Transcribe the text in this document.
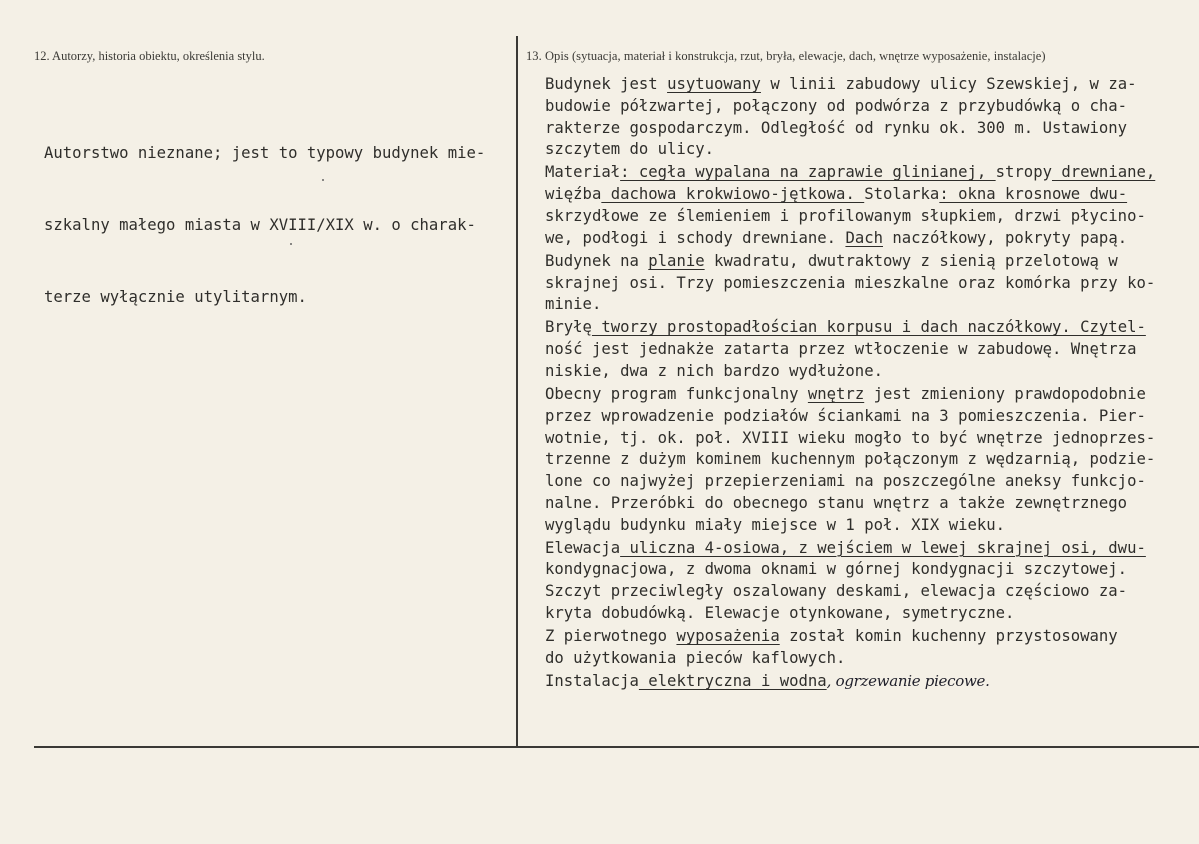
12. Autorzy, historia obiektu, określenia stylu.	13. Opis (sytuacja, materiał i konstrukcja, rzut, bryła, elewacje, dach, wnętrze wyposażenie, instalacje)

Autorstwo nieznane; jest to typowy budynek mie-

szkalny małego miasta w XVIII/XIX w. o charak-

terze wyłącznie utylitarnym.

Budynek jest usytuowany w linii zabudowy ulicy Szewskiej, w za-
budowie półzwartej, połączony od podwórza z przybudówką o cha-
rakterze gospodarczym. Odległość od rynku ok. 300 m. Ustawiony
szczytem do ulicy.
Materiał: cegła wypalana na zaprawie glinianej, stropy drewniane,
więźba dachowa krokwiowo-jętkowa. Stolarka: okna krosnowe dwu-
skrzydłowe ze ślemieniem i profilowanym słupkiem, drzwi płycino-
we, podłogi i schody drewniane. Dach naczółkowy, pokryty papą.
Budynek na planie kwadratu, dwutraktowy z sienią przelotową w
skrajnej osi. Trzy pomieszczenia mieszkalne oraz komórka przy ko-
minie.
Bryłę tworzy prostopadłościan korpusu i dach naczółkowy. Czytel-
ność jest jednakże zatarta przez wtłoczenie w zabudowę. Wnętrza
niskie, dwa z nich bardzo wydłużone.
Obecny program funkcjonalny wnętrz jest zmieniony prawdopodobnie
przez wprowadzenie podziałów ściankami na 3 pomieszczenia. Pier-
wotnie, tj. ok. poł. XVIII wieku mogło to być wnętrze jednoprzes-
trzenne z dużym kominem kuchennym połączonym z wędzarnią, podzie-
lone co najwyżej przepierzeniami na poszczególne aneksy funkcjo-
nalne. Przeróbki do obecnego stanu wnętrz a także zewnętrznego
wyglądu budynku miały miejsce w 1 poł. XIX wieku.
Elewacja uliczna 4-osiowa, z wejściem w lewej skrajnej osi, dwu-
kondygnacjowa, z dwoma oknami w górnej kondygnacji szczytowej.
Szczyt przeciwległy oszalowany deskami, elewacja częściowo za-
kryta dobudówką. Elewacje otynkowane, symetryczne.
Z pierwotnego wyposażenia został komin kuchenny przystosowany
do użytkowania pieców kaflowych.
Instalacja elektryczna i wodna, ogrzewanie piecowe.
